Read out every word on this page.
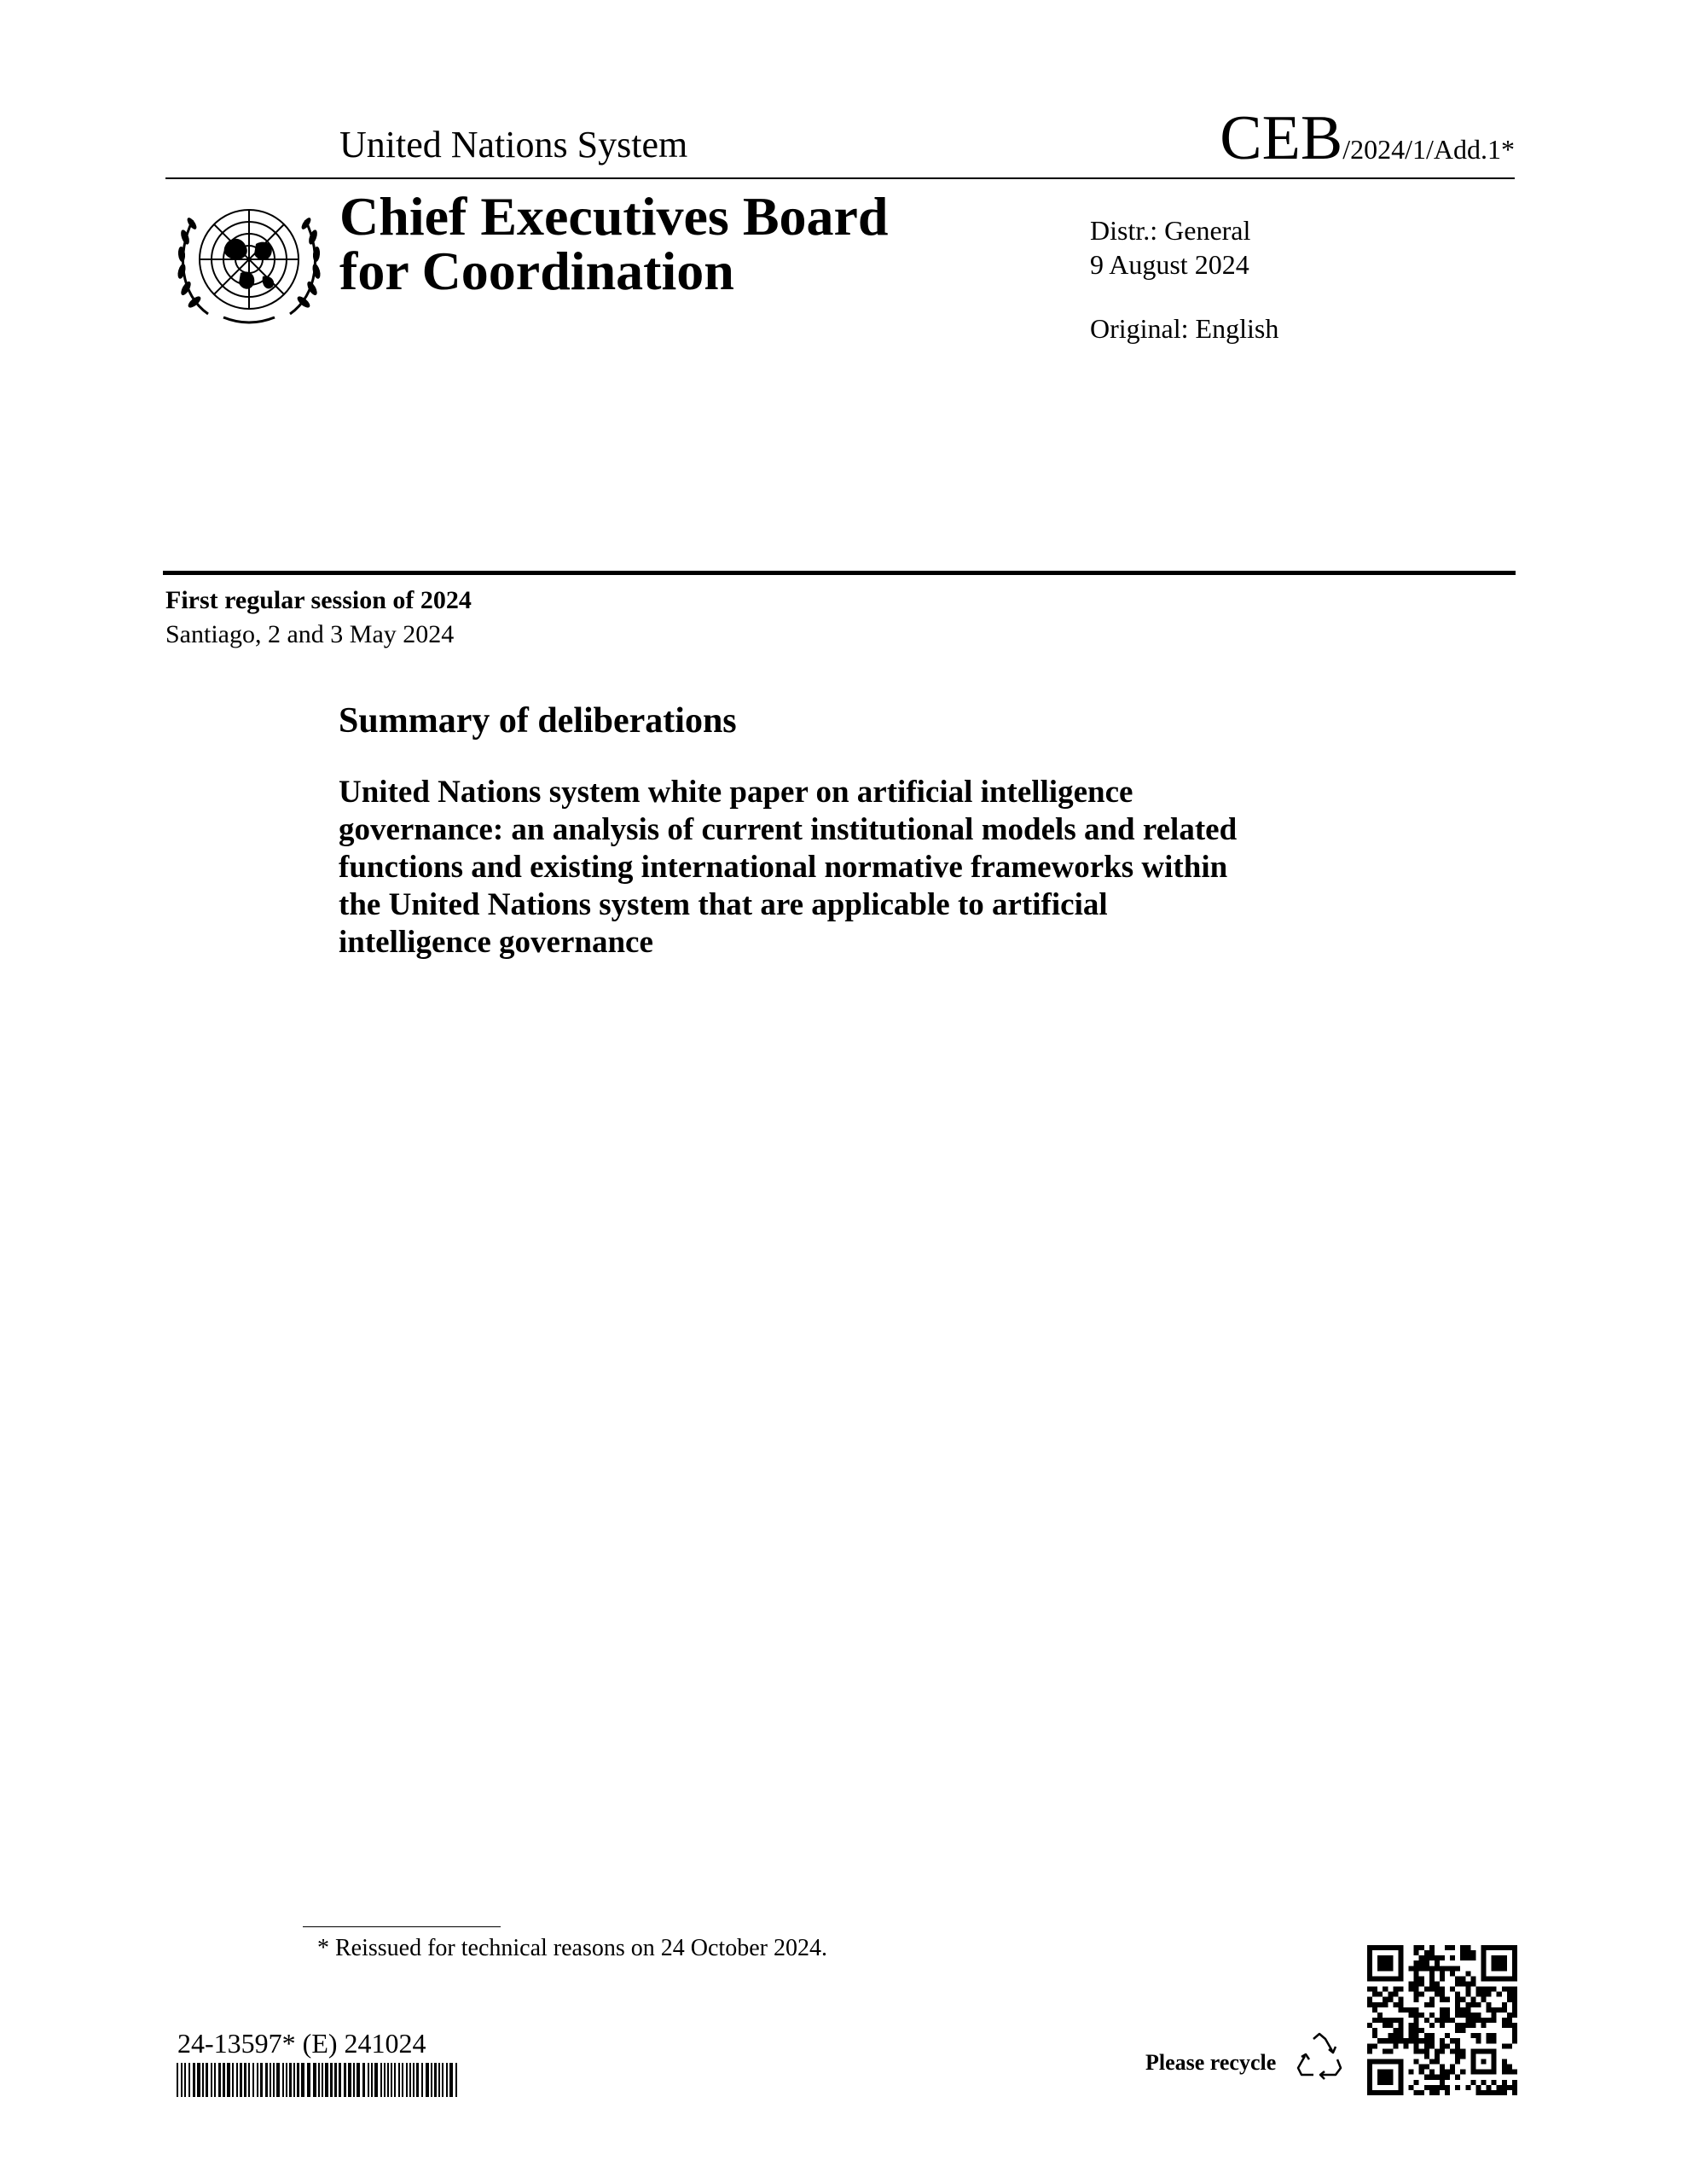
United Nations System	CEB/2024/1/Add.1*
Chief Executives Board
for Coordination
Distr.: General
9 August 2024
Original: English
First regular session of 2024
Santiago, 2 and 3 May 2024
Summary of deliberations
United Nations system white paper on artificial intelligence
governance: an analysis of current institutional models and related
functions and existing international normative frameworks within
the United Nations system that are applicable to artificial
intelligence governance
* Reissued for technical reasons on 24 October 2024.
24-13597* (E) 241024
Please recycle
